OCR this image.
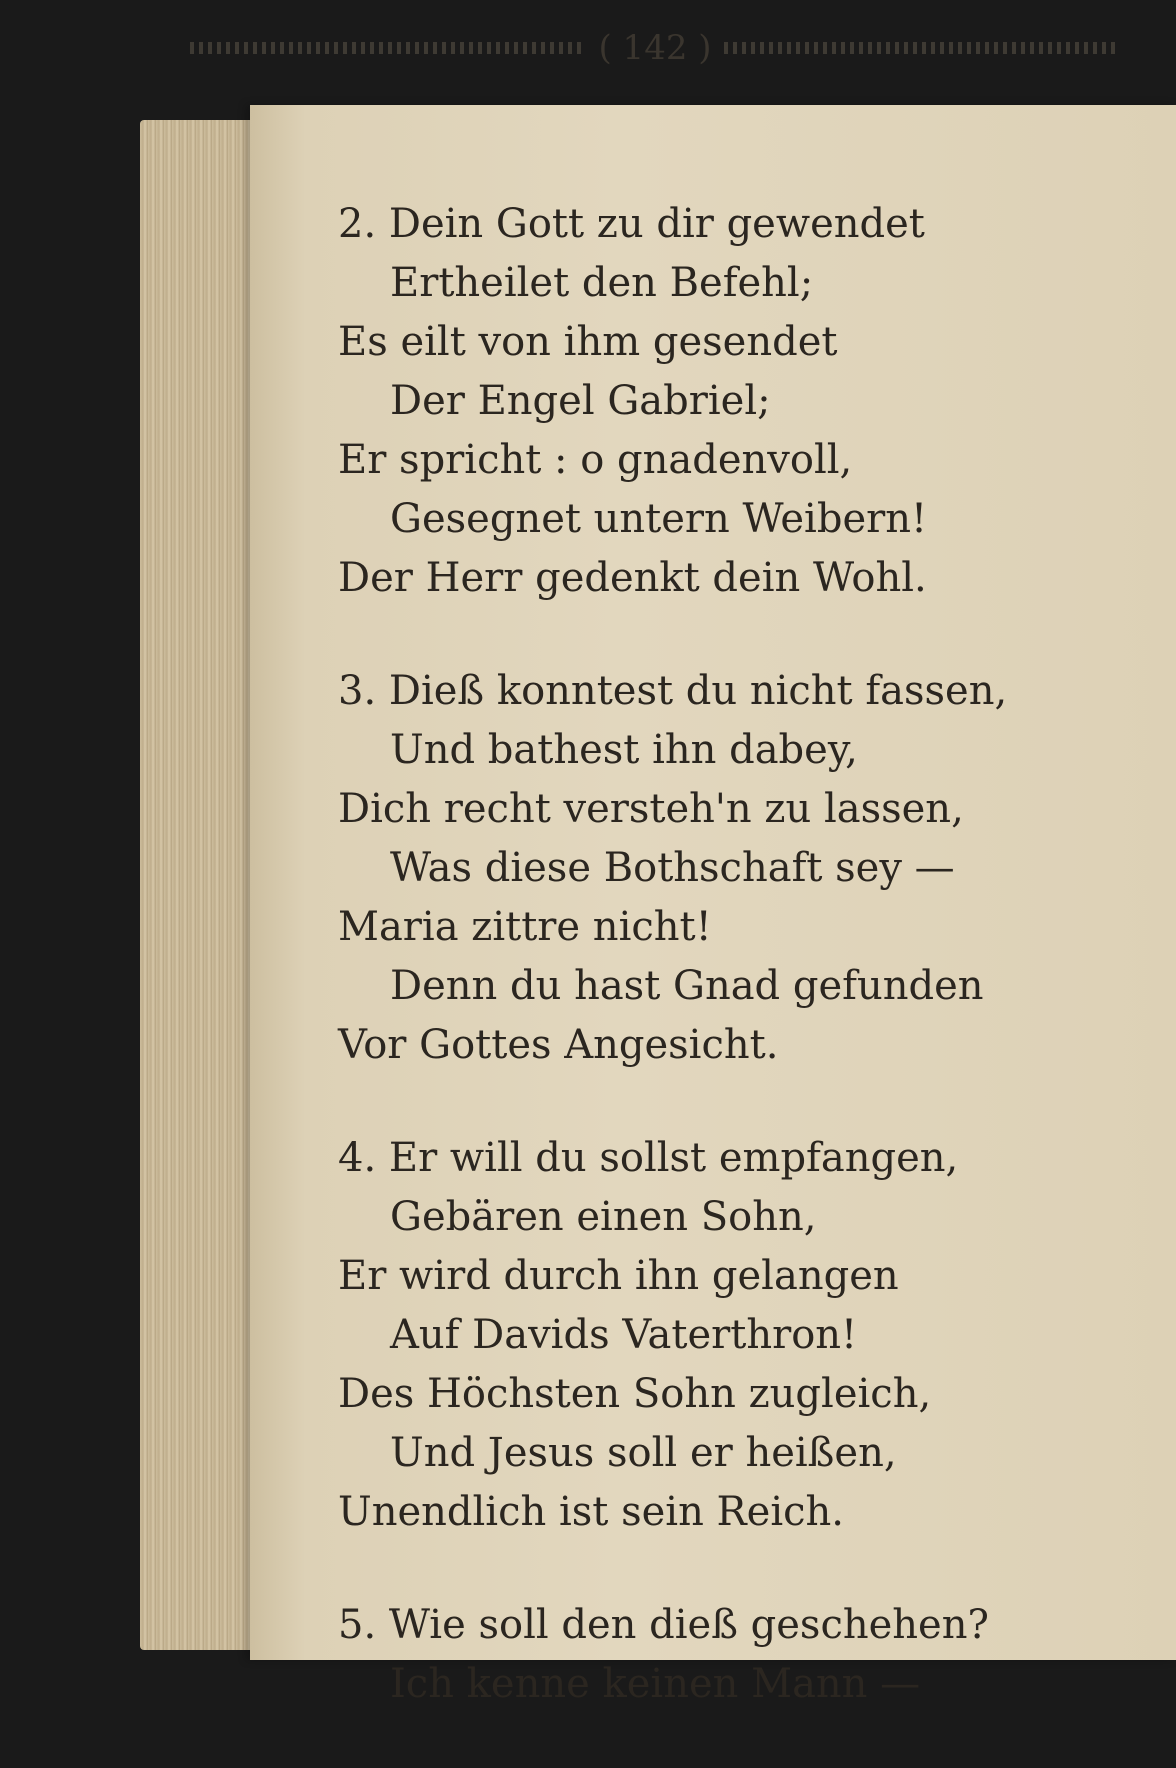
( 142 )
2. Dein Gott zu dir gewendet
Ertheilet den Befehl;
Es eilt von ihm gesendet
Der Engel Gabriel;
Er spricht : o gnadenvoll,
Gesegnet untern Weibern!
Der Herr gedenkt dein Wohl.
3. Dieß konntest du nicht fassen,
Und bathest ihn dabey,
Dich recht versteh'n zu lassen,
Was diese Bothschaft sey —
Maria zittre nicht!
Denn du hast Gnad gefunden
Vor Gottes Angesicht.
4. Er will du sollst empfangen,
Gebären einen Sohn,
Er wird durch ihn gelangen
Auf Davids Vaterthron!
Des Höchsten Sohn zugleich,
Und Jesus soll er heißen,
Unendlich ist sein Reich.
5. Wie soll den dieß geschehen?
Ich kenne keinen Mann —
